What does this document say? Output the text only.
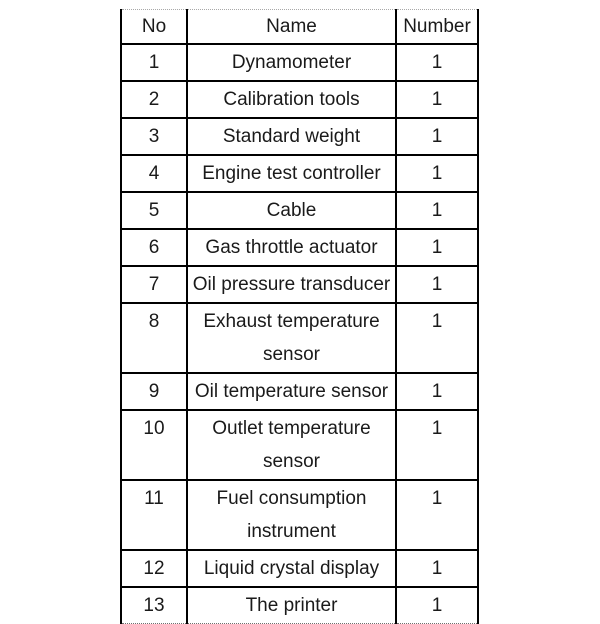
No	Name	Number
1	Dynamometer	1
2	Calibration tools	1
3	Standard weight	1
4	Engine test controller	1
5	Cable	1
6	Gas throttle actuator	1
7	Oil pressure transducer	1
8	Exhaust temperature sensor	1
9	Oil temperature sensor	1
10	Outlet temperature sensor	1
11	Fuel consumption instrument	1
12	Liquid crystal display	1
13	The printer	1
